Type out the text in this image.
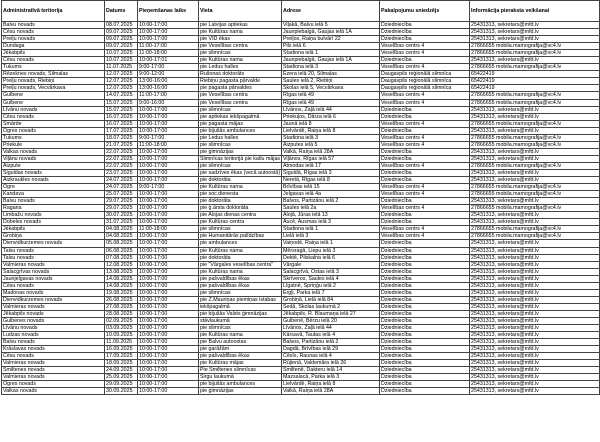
Administratīvā teritorija	Datums	Pieņemšanas laiks	Vieta	Adrese	Pakalpojumu sniedzējs	Informācija pieraksta veikšanai
Balvu novads	08.07.2025	10:00-17:00	pie Latvijas aptiekas	Viļakā, Balvu ielā 5	Dziedniecība	25431313, sekretars@mfd.lv
Cēsu novads	09.07.2025	10:00-17:00	pie Kultūras nama	Jaunpiebalgā, Gaujas ielā 1A	Dziedniecība	25431313, sekretars@mfd.lv
Preiļu novads	09.07.2025	10:00-17:00	pie VID ēkas	Preiļos, Raiņa bulvārī 22	Dziedniecība	25431313, sekretars@mfd.lv
Dundaga	09.07.2025	11:00-17:00	pie Veselības centra	Pils ielā 6	Veselības centrs 4	27866655 mobila.mamografija@vc4.lv
Jēkabpils	10.07.2025	11:00-18:00	pie slimnīcas	Stadiona ielā 1	Veselības centrs 4	27866655 mobila.mamografija@vc4.lv
Cēsu novads	10.07.2025	10:00-17:01	pie Kultūras nama	Jaunpiebalgā, Gaujas ielā 1A	Dziedniecība	25431313, sekretars@mfd.lv
Tukums	11.07.2025	9:00-17:00	pie Ledus halles	Stadiona ielā 3	Veselības centrs 4	27866655 mobila.mamografija@vc4.lv
Rēzeknes novads, Silmalas	12.07.2025	9:00-12:00	Rušonas doktorāts	Ezera ielā 20, Silmalas	Daugavpils reģionālā slimnīca	65422419
Preiļu novads, Riebiņi	12.07.2025	13:00-16:00	Riebiņu pagasta pārvalde	Saules ielā 2, Riebiņi	Daugavpils reģionālā slimnīca	65422419
Preiļu novads, Vecvārkava	12.07.2025	13:00-16:00	pie pagasta pārvaldes	Skolas ielā 5, Vecvārkava	Daugavpils reģionālā slimnīca	65422419
Gulbene	14.07.2025	11:00-17:00	pie Veselības centra	Rīgas ielā 49	Veselības centrs 4	27866655 mobila.mamografija@vc4.lv
Gulbene	15.07.2025	9:00-16:00	pie Veselības centra	Rīgas ielā 49	Veselības centrs 4	27866655 mobila.mamografija@vc4.lv
Līvānu novads	15.07.2025	10:00-17:00	pie slimnīcas	Līvānos, Zaļā ielā 44	Dziedniecība	25431313, sekretars@mfd.lv
Cēsu novads	16.07.2025	10:00-17:00	pie aptiekas iekšpagalmā	Priekuļos, Dārza ielā 6	Dziedniecība	25431313, sekretars@mfd.lv
Smārde	16.07.2025	10:00-17:00	pie pagasta mājas	Jaunā ielā 8	Veselības centrs 4	27866655 mobila.mamografija@vc4.lv
Ogres novads	17.07.2025	10:00-17:00	pie bijušās ambulances	Lielvārdē, Raiņa ielā 8	Dziedniecība	25431313, sekretars@mfd.lv
Tukums	18.07.2025	9:00-17:00	pie Ledus halles	Stadiona ielā 3	Veselības centrs 4	27866655 mobila.mamografija@vc4.lv
Priekule	21.07.2025	11:00-18:00	pie slimnīcas	Aizputes ielā 5	Veselības centrs 4	27866655 mobila.mamografija@vc4.lv
Valkas novads	22.07.2025	10:00-17:00	pie ģimnāzijas	Valkā, Raiņa ielā 28A	Dziedniecība	25431313, sekretars@mfd.lv
Viļānu novads	22.07.2025	10:00-17:00	Slimnīcas teritorijā pie katlu mājas	Viļānos, Rīgas ielā 57	Dziedniecība	25431313, sekretars@mfd.lv
Aizpute	22.07.2025	10:00-17:00	pie slimnīcas	Atmodas ielā 17	Veselības centrs 4	27866655 mobila.mamografija@vc4.lv
Siguldas novads	23.07.2025	10:00-17:00	pie sadzīves ēkas (vecā autoostā)	Siguldā, Rīgas ielā 3	Dziedniecība	25431313, sekretars@mfd.lv
Aizkraukles novads	24.07.2025	10:00-17:00	pie doktorāta	Neretā, Rīgas ielā 8	Dziedniecība	25431313, sekretars@mfd.lv
Ogre	24.07.2025	9:00-17:00	pie Kultūras nama	Brīvības ielā 15	Veselības centrs 4	27866655 mobila.mamografija@vc4.lv
Kandava	25.07.2025	10:00-17:00	pie soc.dienesta	Jelgavas ielā 4a	Veselības centrs 4	27866655 mobila.mamografija@vc4.lv
Balvu novads	29.07.2025	10:00-17:00	pie doktorāta	Balvos, Partizānu ielā 2	Dziedniecība	25431313, sekretars@mfd.lv
Ragana	29.07.2025	10:00-17:00	pie ģ.ārsta doktorāta	Saules ielā 2a	Veselības centrs 4	27866655 mobila.mamografija@vc4.lv
Limbažu novads	30.07.2025	10:00-17:00	pie Alojas dienas centra	Alojā, Jūras ielā 13	Dziedniecība	25431313, sekretars@mfd.lv
Dobeles novads	31.07.2025	10:00-17:00	pie Kultūras centra	Aucē, Ausmas ielā 3	Dziedniecība	25431313, sekretars@mfd.lv
Jēkabpils	04.08.2025	11:00-18:00	pie slimnīcas	Stadiona ielā 1	Veselības centrs 4	27866655 mobila.mamografija@vc4.lv
Grobiņa	04.08.2025	10:00-17:00	pie Humanitārās palīdzības	Lielā ielā 3	Veselības centrs 4	27866655 mobila.mamografija@vc4.lv
Dienvidkurzemes novads	05.08.2025	10:00-17:00	pie ambulances	Vaiņodē, Raiņa ielā 1	Dziedniecība	25431313, sekretars@mfd.lv
Talsu novads	06.08.2025	10:00-17:00	pie Kultūras nama	Mērsragā, Liepu ielā 3	Dziedniecība	25431313, sekretars@mfd.lv
Talsu novads	07.08.2025	10:00-17:00	pie doktorāta	Dektē, Pilskalna ielā 6	Dziedniecība	25431313, sekretars@mfd.lv
Valmieras novads	12.08.2025	10:00-17:00	pie "Vārgales veselības centra"	Vārgale	Dziedniecība	25431313, sekretars@mfd.lv
Salacgrīvas novads	13.08.2025	10:00-17:00	pie Kultūras nama	Salacgrīvā, Ostas ielā 3	Dziedniecība	25431313, sekretars@mfd.lv
Jaunjelgavas novads	14.08.2025	10:00-17:00	pie pašvaldības ēkas	Skrīveros, Saules ielā 4	Dziedniecība	25431313, sekretars@mfd.lv
Cēsu novads	14.08.2025	10:00-17:00	pie pašvaldības ēkas	Līgatnē, Spriņģu ielā 2	Dziedniecība	25431313, sekretars@mfd.lv
Madonas novads	19.08.2025	10:00-17:00	pie slimnīcas	Ērgļi, Parka ielā 7	Dziedniecība	25431313, sekretars@mfd.lv
Dienvidkurzemes novads	26.08.2025	10:00-17:00	pie Z.Mauriņas piemiņas istabas	Grobiņā, Lielā ielā 84	Dziedniecība	25431313, sekretars@mfd.lv
Valmieras novads	27.08.2025	10:00-17:00	iekšpagalmā	Sedā, Skolas laukumā 2	Dziedniecība	25431313, sekretars@mfd.lv
Jēkabpils novads	28.08.2025	10:00-17:00	pie bijušās Valsts ģimnāzijas	Jēkabpils, R. Blaumaņa ielā 27	Dziedniecība	25431313, sekretars@mfd.lv
Gulbenes novads	02.09.2025	10:00-17:00	stāvlaukumā	Gulbenē, Bērzu ielā 20	Dziedniecība	25431313, sekretars@mfd.lv
Līvānu novads	03.09.2025	10:00-17:00	pie slimnīcas	Līvānos, Zaļā ielā 44	Dziedniecība	25431313, sekretars@mfd.lv
Ludzas novads	10.09.2025	10:00-17:00	pie Kultūras nama	Kārsavā, Tautas ielā 4	Dziedniecība	25431313, sekretars@mfd.lv
Balvu novads	11.09.2025	10:00-17:00	pie Balvu autoostas	Balvos, Partizānu ielā 2	Dziedniecība	25431313, sekretars@mfd.lv
Krāslavas novads	16.09.2025	10:00-17:00	pie garāžām	Dagdā, Brīvības ielā 29	Dziedniecība	25431313, sekretars@mfd.lv
Cēsu novads	17.09.2025	10:00-17:00	pie pašvaldības ēkas	Cēsīs, Raunas ielā 4	Dziedniecība	25431313, sekretars@mfd.lv
Valmieras novads	18.09.2025	10:00-17:00	pie Kultūras mājas	Rūjienā, Valdemāra ielā 26	Dziedniecība	25431313, sekretars@mfd.lv
Smiltenes novads	24.09.2025	10:00-17:00	Pie Smiltenes slimnīcas	Smiltenē, Dakteru ielā 14	Dziedniecība	25431313, sekretars@mfd.lv
Valmieras novads	25.09.2025	10:00-17:00	Sirgu laukumā	Mazsalacā, Parka ielā 3	Dziedniecība	25431313, sekretars@mfd.lv
Ogres novads	29.09.2025	10:00-17:00	pie bijušās ambulances	Lielvārdē, Raiņa ielā 8	Dziedniecība	25431313, sekretars@mfd.lv
Valkas novads	30.09.2025	10:00-17:00	pie ģimnāzijas	Valkā, Raiņa ielā 28A	Dziedniecība	25431313, sekretars@mfd.lv
